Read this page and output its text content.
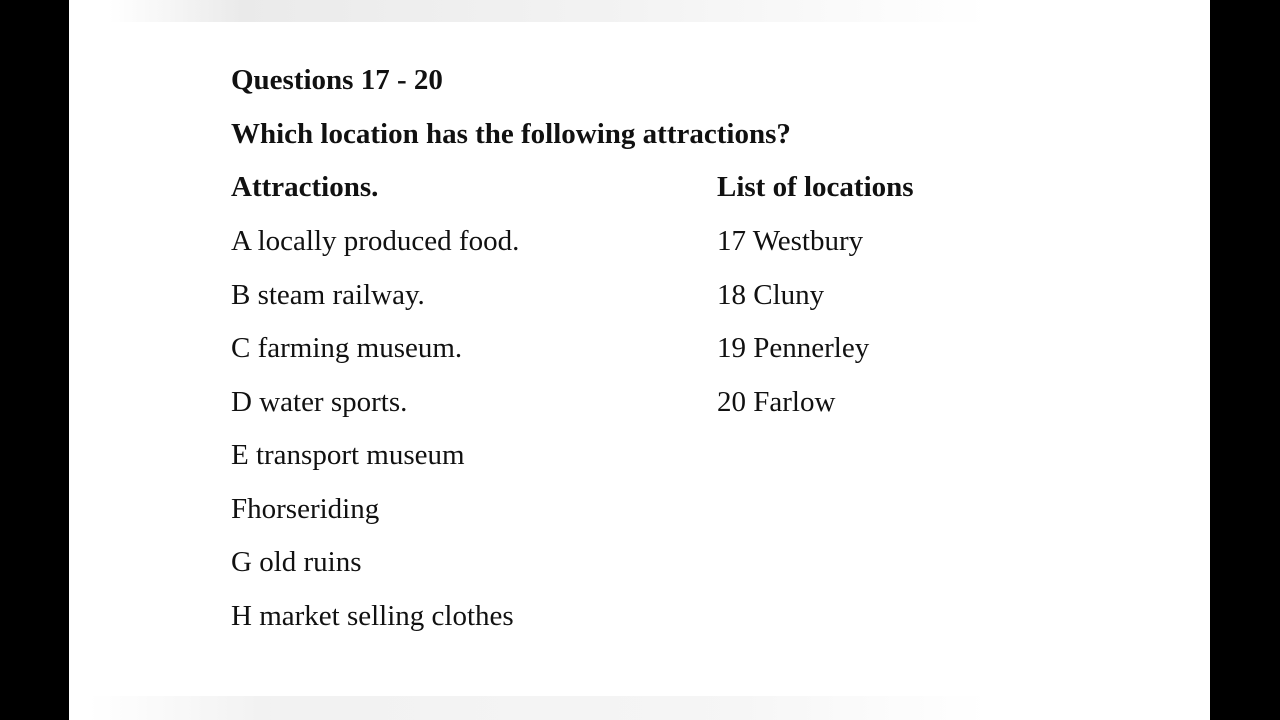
Questions 17 - 20
Which location has the following attractions?
Attractions.	List of locations
A locally produced food.
B steam railway.
C farming museum.
D water sports.
E transport museum
Fhorseriding
G old ruins
H market selling clothes
17 Westbury
18 Cluny
19 Pennerley
20 Farlow
